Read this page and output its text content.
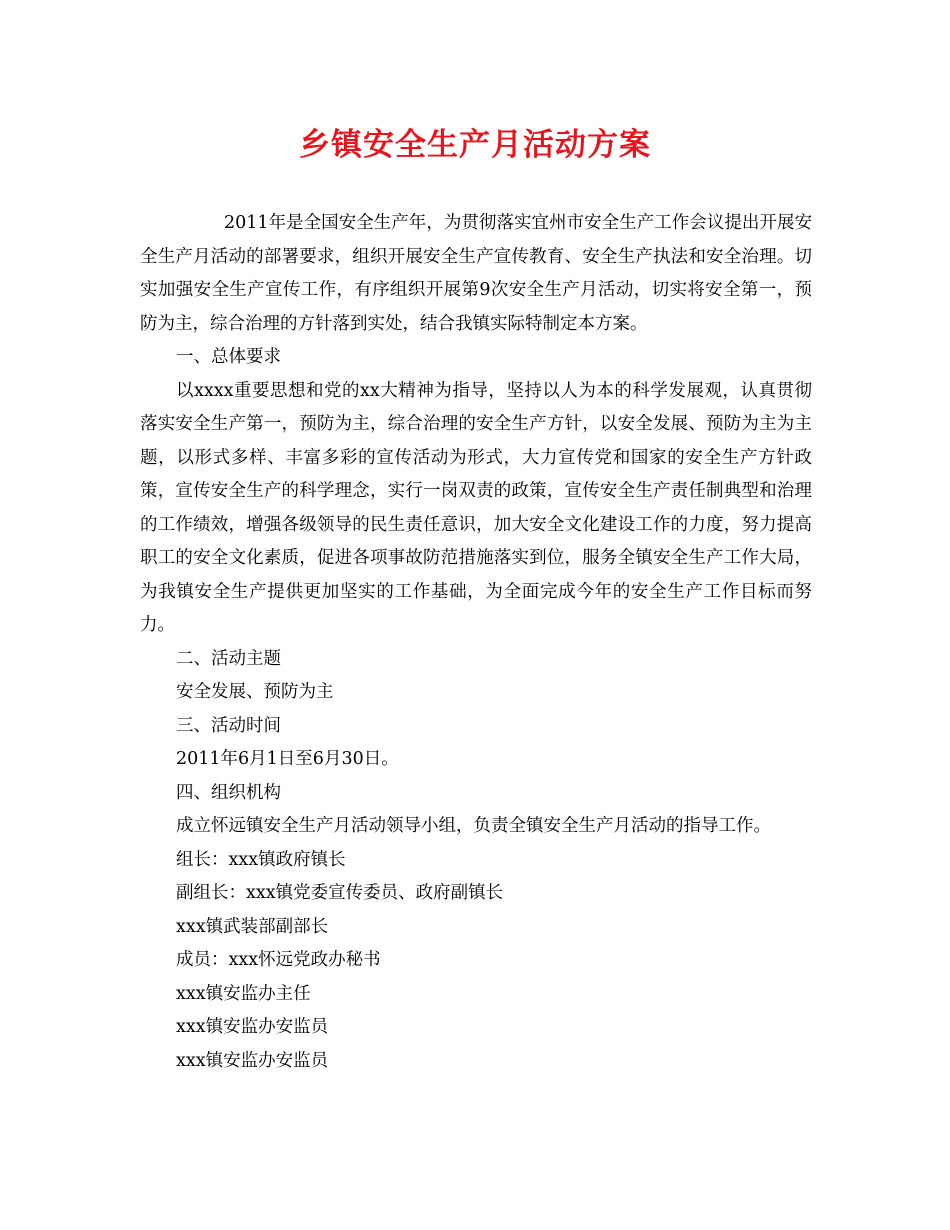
乡镇安全生产月活动方案

2011年是全国安全生产年，为贯彻落实宜州市安全生产工作会议提出开展安全生产月活动的部署要求，组织开展安全生产宣传教育、安全生产执法和安全治理。切实加强安全生产宣传工作，有序组织开展第9次安全生产月活动，切实将安全第一，预防为主，综合治理的方针落到实处，结合我镇实际特制定本方案。

一、总体要求

以xxxx重要思想和党的xx大精神为指导，坚持以人为本的科学发展观，认真贯彻落实安全生产第一，预防为主，综合治理的安全生产方针，以安全发展、预防为主为主题，以形式多样、丰富多彩的宣传活动为形式，大力宣传党和国家的安全生产方针政策，宣传安全生产的科学理念，实行一岗双责的政策，宣传安全生产责任制典型和治理的工作绩效，增强各级领导的民生责任意识，加大安全文化建设工作的力度，努力提高职工的安全文化素质，促进各项事故防范措施落实到位，服务全镇安全生产工作大局，为我镇安全生产提供更加坚实的工作基础，为全面完成今年的安全生产工作目标而努力。

二、活动主题

安全发展、预防为主

三、活动时间

2011年6月1日至6月30日。

四、组织机构

成立怀远镇安全生产月活动领导小组，负责全镇安全生产月活动的指导工作。

组长：xxx镇政府镇长

副组长：xxx镇党委宣传委员、政府副镇长

xxx镇武装部副部长

成员：xxx怀远党政办秘书

xxx镇安监办主任

xxx镇安监办安监员

xxx镇安监办安监员
